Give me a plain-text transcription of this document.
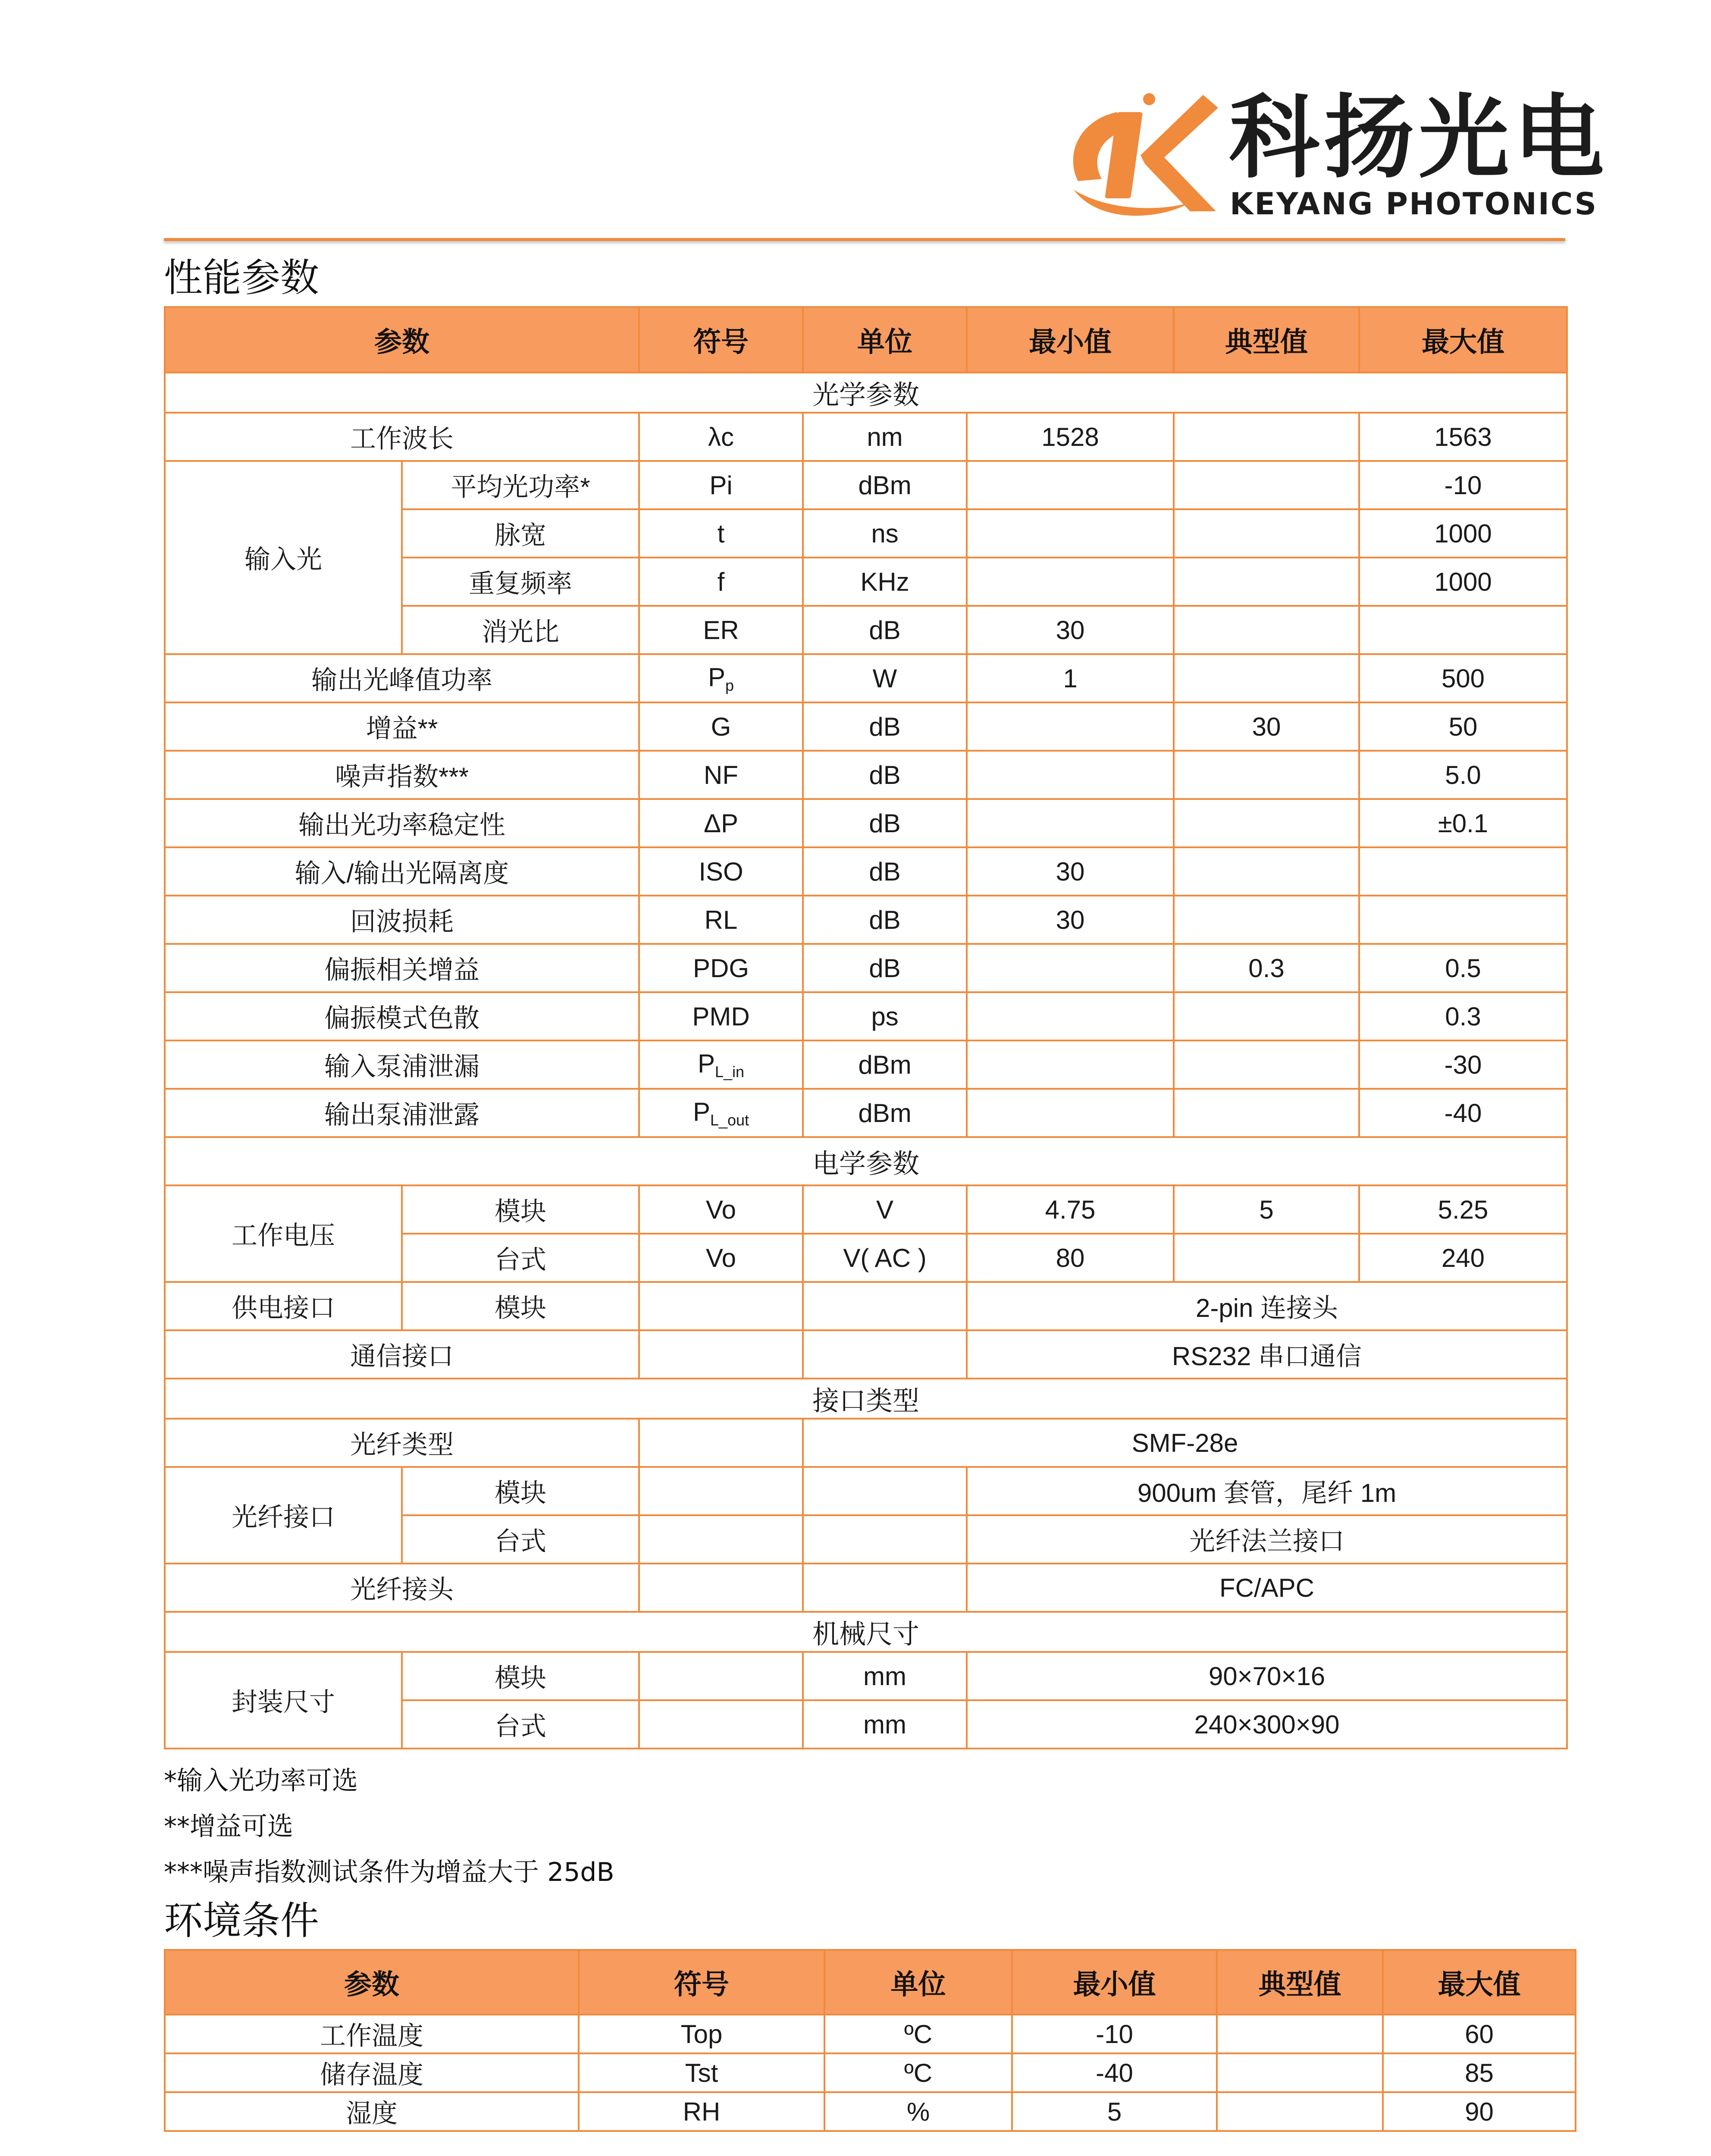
科扬光电
KEYANG PHOTONICS
性能参数
参数		符号	单位	最小值	典型值	最大值
光学参数						
工作波长		λc	nm	1528		1563
输入光	平均光功率*	Pi	dBm			-10
	脉宽	t	ns			1000
	重复频率	f	KHz			1000
	消光比	ER	dB	30		
输出光峰值功率		$P_p$	W	1		500
增益**		G	dB		30	50
噪声指数***		NF	dB			5.0
输出光功率稳定性		ΔP	dB			±0.1
输入/输出光隔离度		ISO	dB	30		
回波损耗		RL	dB	30		
偏振相关增益		PDG	dB		0.3	0.5
偏振模式色散		PMD	ps			0.3
输入泵浦泄漏		$P_{L\_in}$	dBm			-30
输出泵浦泄露		$P_{L\_out}$	dBm			-40
电学参数						
工作电压	模块	Vo	V	4.75	5	5.25
	台式	Vo	V( AC )	80		240
供电接口	模块			2-pin 连接头		
通信接口				RS232 串口通信		
接口类型						
光纤类型			SMF-28e			
光纤接口	模块			900um 套管，尾纤 1m		
	台式			光纤法兰接口		
光纤接头				FC/APC		
机械尺寸						
封装尺寸	模块		mm	90×70×16		
	台式		mm	240×300×90		
*输入光功率可选
**增益可选
***噪声指数测试条件为增益大于 25dB
环境条件
参数	符号	单位	最小值	典型值	最大值
工作温度	Top	ºC	-10		60
储存温度	Tst	ºC	-40		85
湿度	RH	%	5		90
